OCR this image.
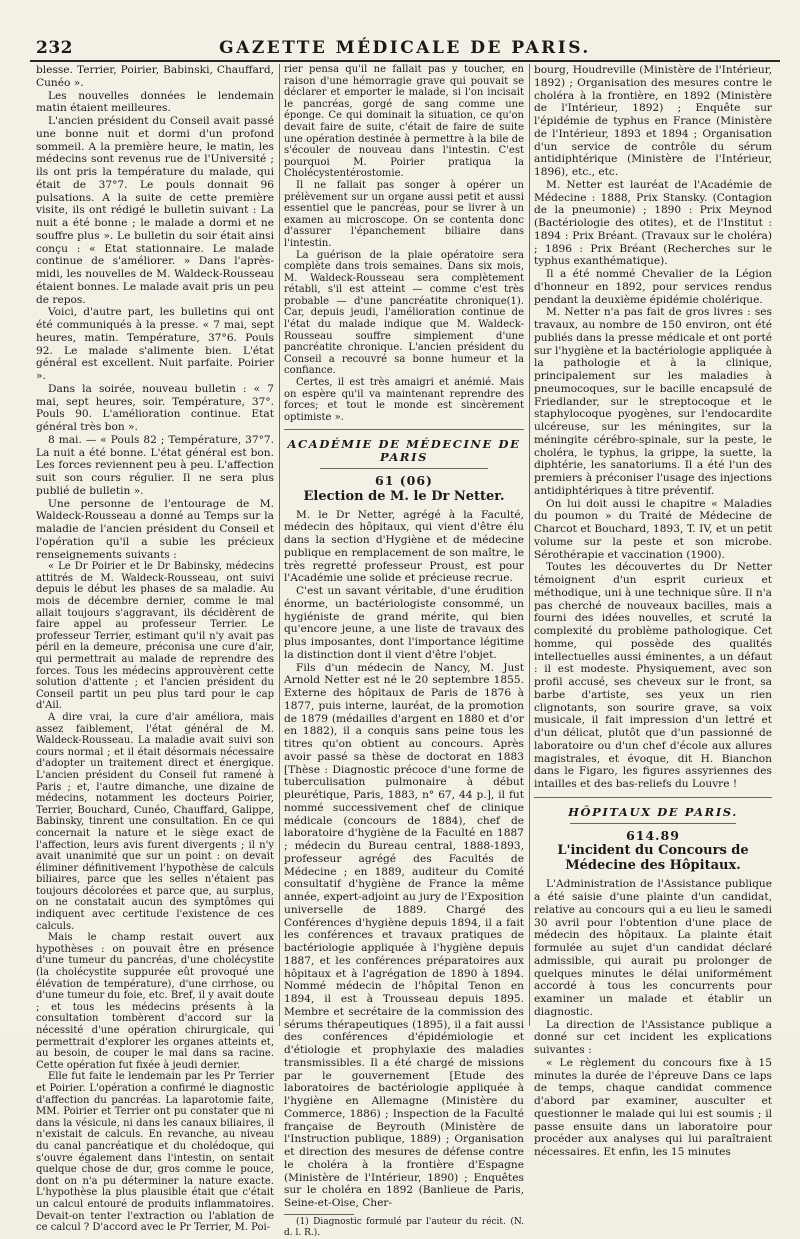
232	GAZETTE MÉDICALE DE PARIS.

blesse. Terrier, Poirier, Babinski, Chauffard, Cunéo ».

Les nouvelles données le lendemain matin étaient meilleures.

L'ancien président du Conseil avait passé une bonne nuit et dormi d'un profond sommeil. A la première heure, le matin, les médecins sont revenus rue de l'Université ; ils ont pris la température du malade, qui était de 37°7. Le pouls donnait 96 pulsations. A la suite de cette première visite, ils ont rédigé le bulletin suivant : La nuit a été bonne ; le malade a dormi et ne souffre plus ». Le bulletin du soir était ainsi conçu : « Etat stationnaire. Le malade continue de s'améliorer. » Dans l'après-midi, les nouvelles de M. Waldeck-Rousseau étaient bonnes. Le malade avait pris un peu de repos.

Voici, d'autre part, les bulletins qui ont été communiqués à la presse. « 7 mai, sept heures, matin. Température, 37°6. Pouls 92. Le malade s'alimente bien. L'état général est excellent. Nuit parfaite. Poirier ».

Dans la soirée, nouveau bulletin : « 7 mai, sept heures, soir. Température, 37°. Pouls 90. L'amélioration continue. Etat général très bon ».

8 mai. — « Pouls 82 ; Température, 37°7. La nuit a été bonne. L'état général est bon. Les forces reviennent peu à peu. L'affection suit son cours régulier. Il ne sera plus publié de bulletin ».

Une personne de l'entourage de M. Waldeck-Rousseau a donné au Temps sur la maladie de l'ancien président du Conseil et l'opération qu'il a subie les précieux renseignements suivants :

« Le Dr Poirier et le Dr Babinsky, médecins attitrés de M. Waldeck-Rousseau, ont suivi depuis le début les phases de sa maladie. Au mois de décembre dernier, comme le mal allait toujours s'aggravant, ils décidèrent de faire appel au professeur Terrier. Le professeur Terrier, estimant qu'il n'y avait pas péril en la demeure, préconisa une cure d'air, qui permettrait au malade de reprendre des forces. Tous les médecins approuvèrent cette solution d'attente ; et l'ancien président du Conseil partit un peu plus tard pour le cap d'Ail.

A dire vrai, la cure d'air améliora, mais assez faiblement, l'état général de M. Waldeck-Rousseau. La maladie avait suivi son cours normal ; et il était désormais nécessaire d'adopter un traitement direct et énergique. L'ancien président du Conseil fut ramené à Paris ; et, l'autre dimanche, une dizaine de médecins, notamment les docteurs Poirier, Terrier, Bouchard, Cunéo, Chauffard, Galippe, Babinsky, tinrent une consultation. En ce qui concernait la nature et le siège exact de l'affection, leurs avis furent divergents ; il n'y avait unanimité que sur un point : on devait éliminer définitivement l'hypothèse de calculs biliaires, parce que les selles n'étaient pas toujours décolorées et parce que, au surplus, on ne constatait aucun des symptômes qui indiquent avec certitude l'existence de ces calculs.

Mais le champ restait ouvert aux hypothèses : on pouvait être en présence d'une tumeur du pancréas, d'une cholécystite (la cholécystite suppurée eût provoqué une élévation de température), d'une cirrhose, ou d'une tumeur du foie, etc. Bref, il y avait doute ; et tous les médecins présents à la consultation tombèrent d'accord sur la nécessité d'une opération chirurgicale, qui permettrait d'explorer les organes atteints et, au besoin, de couper le mal dans sa racine. Cette opération fut fixée à jeudi dernier.

Elle fut faite le lendemain par les Pr Terrier et Poirier. L'opération a confirmé le diagnostic d'affection du pancréas. La laparotomie faite, MM. Poirier et Terrier ont pu constater que ni dans la vésicule, ni dans les canaux biliaires, il n'existait de calculs. En revanche, au niveau du canal pancréatique et du cholédoque, qui s'ouvre également dans l'intestin, on sentait quelque chose de dur, gros comme le pouce, dont on n'a pu déterminer la nature exacte. L'hypothèse la plus plausible était que c'était un calcul entouré de produits inflammatoires. Devait-on tenter l'extraction ou l'ablation de ce calcul ? D'accord avec le Pr Terrier, M. Poi-

rier pensa qu'il ne fallait pas y toucher, en raison d'une hémorragie grave qui pouvait se déclarer et emporter le malade, si l'on incisait le pancréas, gorgé de sang comme une éponge. Ce qui dominait la situation, ce qu'on devait faire de suite, c'était de faire de suite une opération destinée à permettre à la bile de s'écouler de nouveau dans l'intestin. C'est pourquoi M. Poirier pratiqua la Cholécystentérostomie.

Il ne fallait pas songer à opérer un prélèvement sur un organe aussi petit et aussi essentiel que le pancréas, pour se livrer à un examen au microscope. On se contenta donc d'assurer l'épanchement biliaire dans l'intestin.

La guérison de la plaie opératoire sera complète dans trois semaines. Dans six mois, M. Waldeck-Rousseau sera complètement rétabli, s'il est atteint — comme c'est très probable — d'une pancréatite chronique(1). Car, depuis jeudi, l'amélioration continue de l'état du malade indique que M. Waldeck-Rousseau souffre simplement d'une pancréatite chronique. L'ancien président du Conseil a recouvré sa bonne humeur et la confiance.

Certes, il est très amaigri et anémié. Mais on espère qu'il va maintenant reprendre des forces; et tout le monde est sincèrement optimiste ».

ACADÉMIE DE MÉDECINE DE PARIS
61 (06)
Election de M. le Dr Netter.

M. le Dr Netter, agrégé à la Faculté, médecin des hôpitaux, qui vient d'être élu dans la section d'Hygiène et de médecine publique en remplacement de son maître, le très regretté professeur Proust, est pour l'Académie une solide et précieuse recrue.

C'est un savant véritable, d'une érudition énorme, un bactériologiste consommé, un hygiéniste de grand mérite, qui bien qu'encore jeune, a une liste de travaux des plus imposantes, dont l'importance légitime la distinction dont il vient d'être l'objet.

Fils d'un médecin de Nancy, M. Just Arnold Netter est né le 20 septembre 1855. Externe des hôpitaux de Paris de 1876 à 1877, puis interne, lauréat, de la promotion de 1879 (médailles d'argent en 1880 et d'or en 1882), il a conquis sans peine tous les titres qu'on obtient au concours. Après avoir passé sa thèse de doctorat en 1883 [Thèse : Diagnostic précoce d'une forme de tuberculisation pulmonaire à début pleurétique, Paris, 1883, n° 67, 44 p.], il fut nommé successivement chef de clinique médicale (concours de 1884), chef de laboratoire d'hygiène de la Faculté en 1887 ; médecin du Bureau central, 1888-1893, professeur agrégé des Facultés de Médecine ; en 1889, auditeur du Comité consultatif d'hygiène de France la même année, expert-adjoint au jury de l'Exposition universelle de 1889. Chargé des Conférences d'hygiène depuis 1894, il a fait les conférences et travaux pratiques de bactériologie appliquée à l'hygiène depuis 1887, et les conférences préparatoires aux hôpitaux et à l'agrégation de 1890 à 1894. Nommé médecin de l'hôpital Tenon en 1894, il est à Trousseau depuis 1895. Membre et secrétaire de la commission des sérums thérapeutiques (1895), il a fait aussi des conférences d'épidémiologie et d'étiologie et prophylaxie des maladies transmissibles. Il a été chargé de missions par le gouvernement [Etude des laboratoires de bactériologie appliquée à l'hygiène en Allemagne (Ministère du Commerce, 1886) ; Inspection de la Faculté française de Beyrouth (Ministère de l'Instruction publique, 1889) ; Organisation et direction des mesures de défense contre le choléra à la frontière d'Espagne (Ministère de l'Intérieur, 1890) ; Enquêtes sur le choléra en 1892 (Banlieue de Paris, Seine-et-Oise, Cher-

(1) Diagnostic formulé par l'auteur du récit. (N. d. l. R.).

bourg, Houdreville (Ministère de l'Intérieur, 1892) ; Organisation des mesures contre le choléra à la frontière, en 1892 (Ministère de l'Intérieur, 1892) ; Enquête sur l'épidémie de typhus en France (Ministère de l'Intérieur, 1893 et 1894 ; Organisation d'un service de contrôle du sérum antidiphtérique (Ministère de l'Intérieur, 1896), etc., etc.

M. Netter est lauréat de l'Académie de Médecine : 1888, Prix Stansky. (Contagion de la pneumonie) ; 1890 : Prix Meynod (Bactériologie des otites), et de l'Institut : 1894 : Prix Bréant. (Travaux sur le choléra) ; 1896 : Prix Bréant (Recherches sur le typhus exanthématique).

Il a été nommé Chevalier de la Légion d'honneur en 1892, pour services rendus pendant la deuxième épidémie cholérique.

M. Netter n'a pas fait de gros livres : ses travaux, au nombre de 150 environ, ont été publiés dans la presse médicale et ont porté sur l'hygiène et la bactériologie appliquée à la pathologie et à la clinique, principalement sur les maladies à pneumocoques, sur le bacille encapsulé de Friedlander, sur le streptocoque et le staphylocoque pyogènes, sur l'endocardite ulcéreuse, sur les méningites, sur la méningite cérébro-spinale, sur la peste, le choléra, le typhus, la grippe, la suette, la diphtérie, les sanatoriums. Il a été l'un des premiers à préconiser l'usage des injections antidiphtériques à titre préventif.

On lui doit aussi le chapitre « Maladies du poumon » du Traité de Médecine de Charcot et Bouchard, 1893, T. IV, et un petit volume sur la peste et son microbe. Sérothérapie et vaccination (1900).

Toutes les découvertes du Dr Netter témoignent d'un esprit curieux et méthodique, uni à une technique sûre. Il n'a pas cherché de nouveaux bacilles, mais a fourni des idées nouvelles, et scruté la complexité du problème pathologique. Cet homme, qui possède des qualités intellectuelles aussi éminentes, a un défaut : il est modeste. Physiquement, avec son profil accusé, ses cheveux sur le front, sa barbe d'artiste, ses yeux un rien clignotants, son sourire grave, sa voix musicale, il fait impression d'un lettré et d'un délicat, plutôt que d'un passionné de laboratoire ou d'un chef d'école aux allures magistrales, et évoque, dit H. Bianchon dans le Figaro, les figures assyriennes des intailles et des bas-reliefs du Louvre !

HÔPITAUX DE PARIS.
614.89
L'incident du Concours de Médecine des Hôpitaux.

L'Administration de l'Assistance publique a été saisie d'une plainte d'un candidat, relative au concours qui a eu lieu le samedi 30 avril pour l'obtention d'une place de médecin des hôpitaux. La plainte était formulée au sujet d'un candidat déclaré admissible, qui aurait pu prolonger de quelques minutes le délai uniformément accordé à tous les concurrents pour examiner un malade et établir un diagnostic.

La direction de l'Assistance publique a donné sur cet incident les explications suivantes :

« Le règlement du concours fixe à 15 minutes la durée de l'épreuve Dans ce laps de temps, chaque candidat commence d'abord par examiner, ausculter et questionner le malade qui lui est soumis ; il passe ensuite dans un laboratoire pour procéder aux analyses qui lui paraîtraient nécessaires. Et enfin, les 15 minutes
